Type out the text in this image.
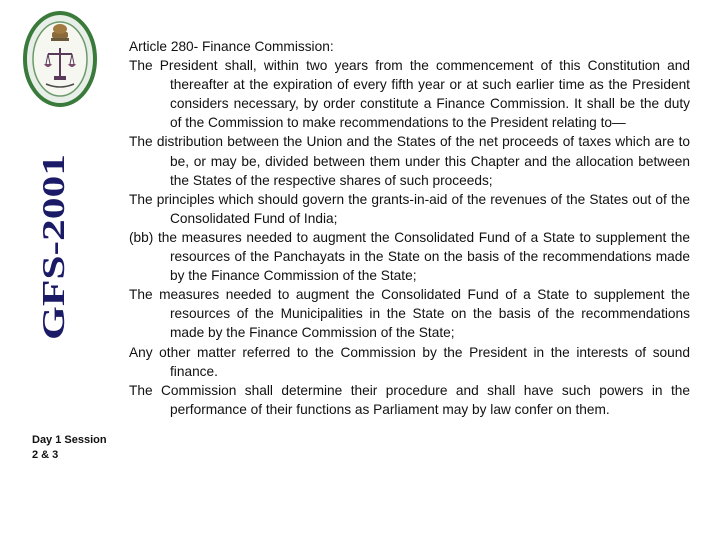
GFS-2001
Day 1 Session 2 & 3

Article 280- Finance Commission:

The President shall, within two years from the commencement of this Constitution and thereafter at the expiration of every fifth year or at such earlier time as the President considers necessary, by order constitute a Finance Commission. It shall be the duty of the Commission to make recommendations to the President relating to—

The distribution between the Union and the States of the net proceeds of taxes which are to be, or may be, divided between them under this Chapter and the allocation between the States of the respective shares of such proceeds;

The principles which should govern the grants-in-aid of the revenues of the States out of the Consolidated Fund of India;

(bb) the measures needed to augment the Consolidated Fund of a State to supplement the resources of the Panchayats in the State on the basis of the recommendations made by the Finance Commission of the State;

The measures needed to augment the Consolidated Fund of a State to supplement the resources of the Municipalities in the State on the basis of the recommendations made by the Finance Commission of the State;

Any other matter referred to the Commission by the President in the interests of sound finance.

The Commission shall determine their procedure and shall have such powers in the performance of their functions as Parliament may by law confer on them.
